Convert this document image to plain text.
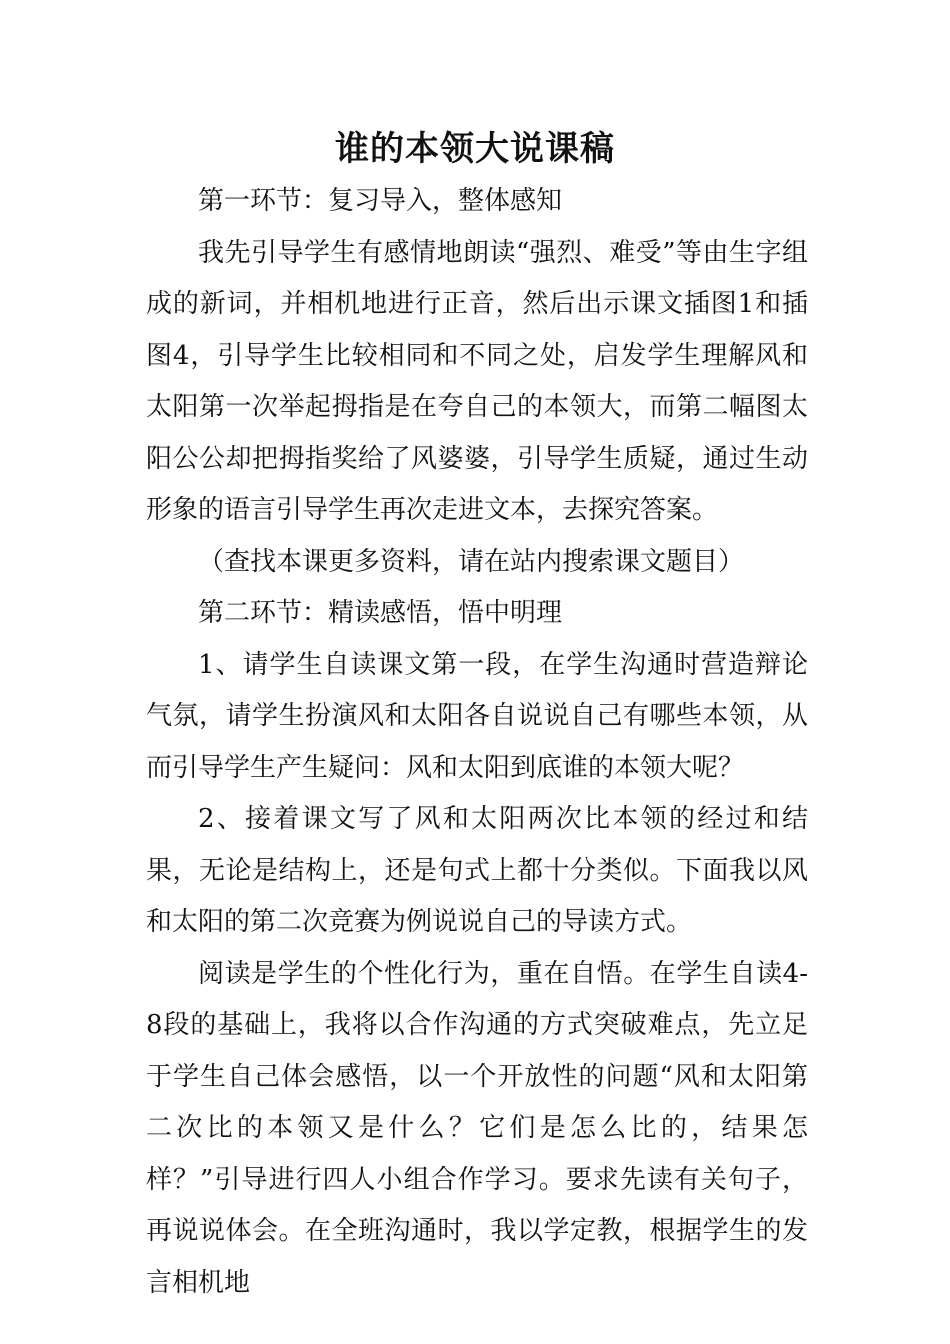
谁的本领大说课稿

第一环节：复习导入，整体感知

我先引导学生有感情地朗读“强烈、难受”等由生字组成的新词，并相机地进行正音，然后出示课文插图1和插图4，引导学生比较相同和不同之处，启发学生理解风和太阳第一次举起拇指是在夸自己的本领大，而第二幅图太阳公公却把拇指奖给了风婆婆，引导学生质疑，通过生动形象的语言引导学生再次走进文本，去探究答案。

（查找本课更多资料，请在站内搜索课文题目）

第二环节：精读感悟，悟中明理

1、请学生自读课文第一段，在学生沟通时营造辩论气氛，请学生扮演风和太阳各自说说自己有哪些本领，从而引导学生产生疑问：风和太阳到底谁的本领大呢？

2、接着课文写了风和太阳两次比本领的经过和结果，无论是结构上，还是句式上都十分类似。下面我以风和太阳的第二次竞赛为例说说自己的导读方式。

阅读是学生的个性化行为，重在自悟。在学生自读4-8段的基础上，我将以合作沟通的方式突破难点，先立足于学生自己体会感悟，以一个开放性的问题“风和太阳第二次比的本领又是什么？它们是怎么比的，结果怎样？”引导进行四人小组合作学习。要求先读有关句子，再说说体会。在全班沟通时，我以学定教，根据学生的发言相机地
